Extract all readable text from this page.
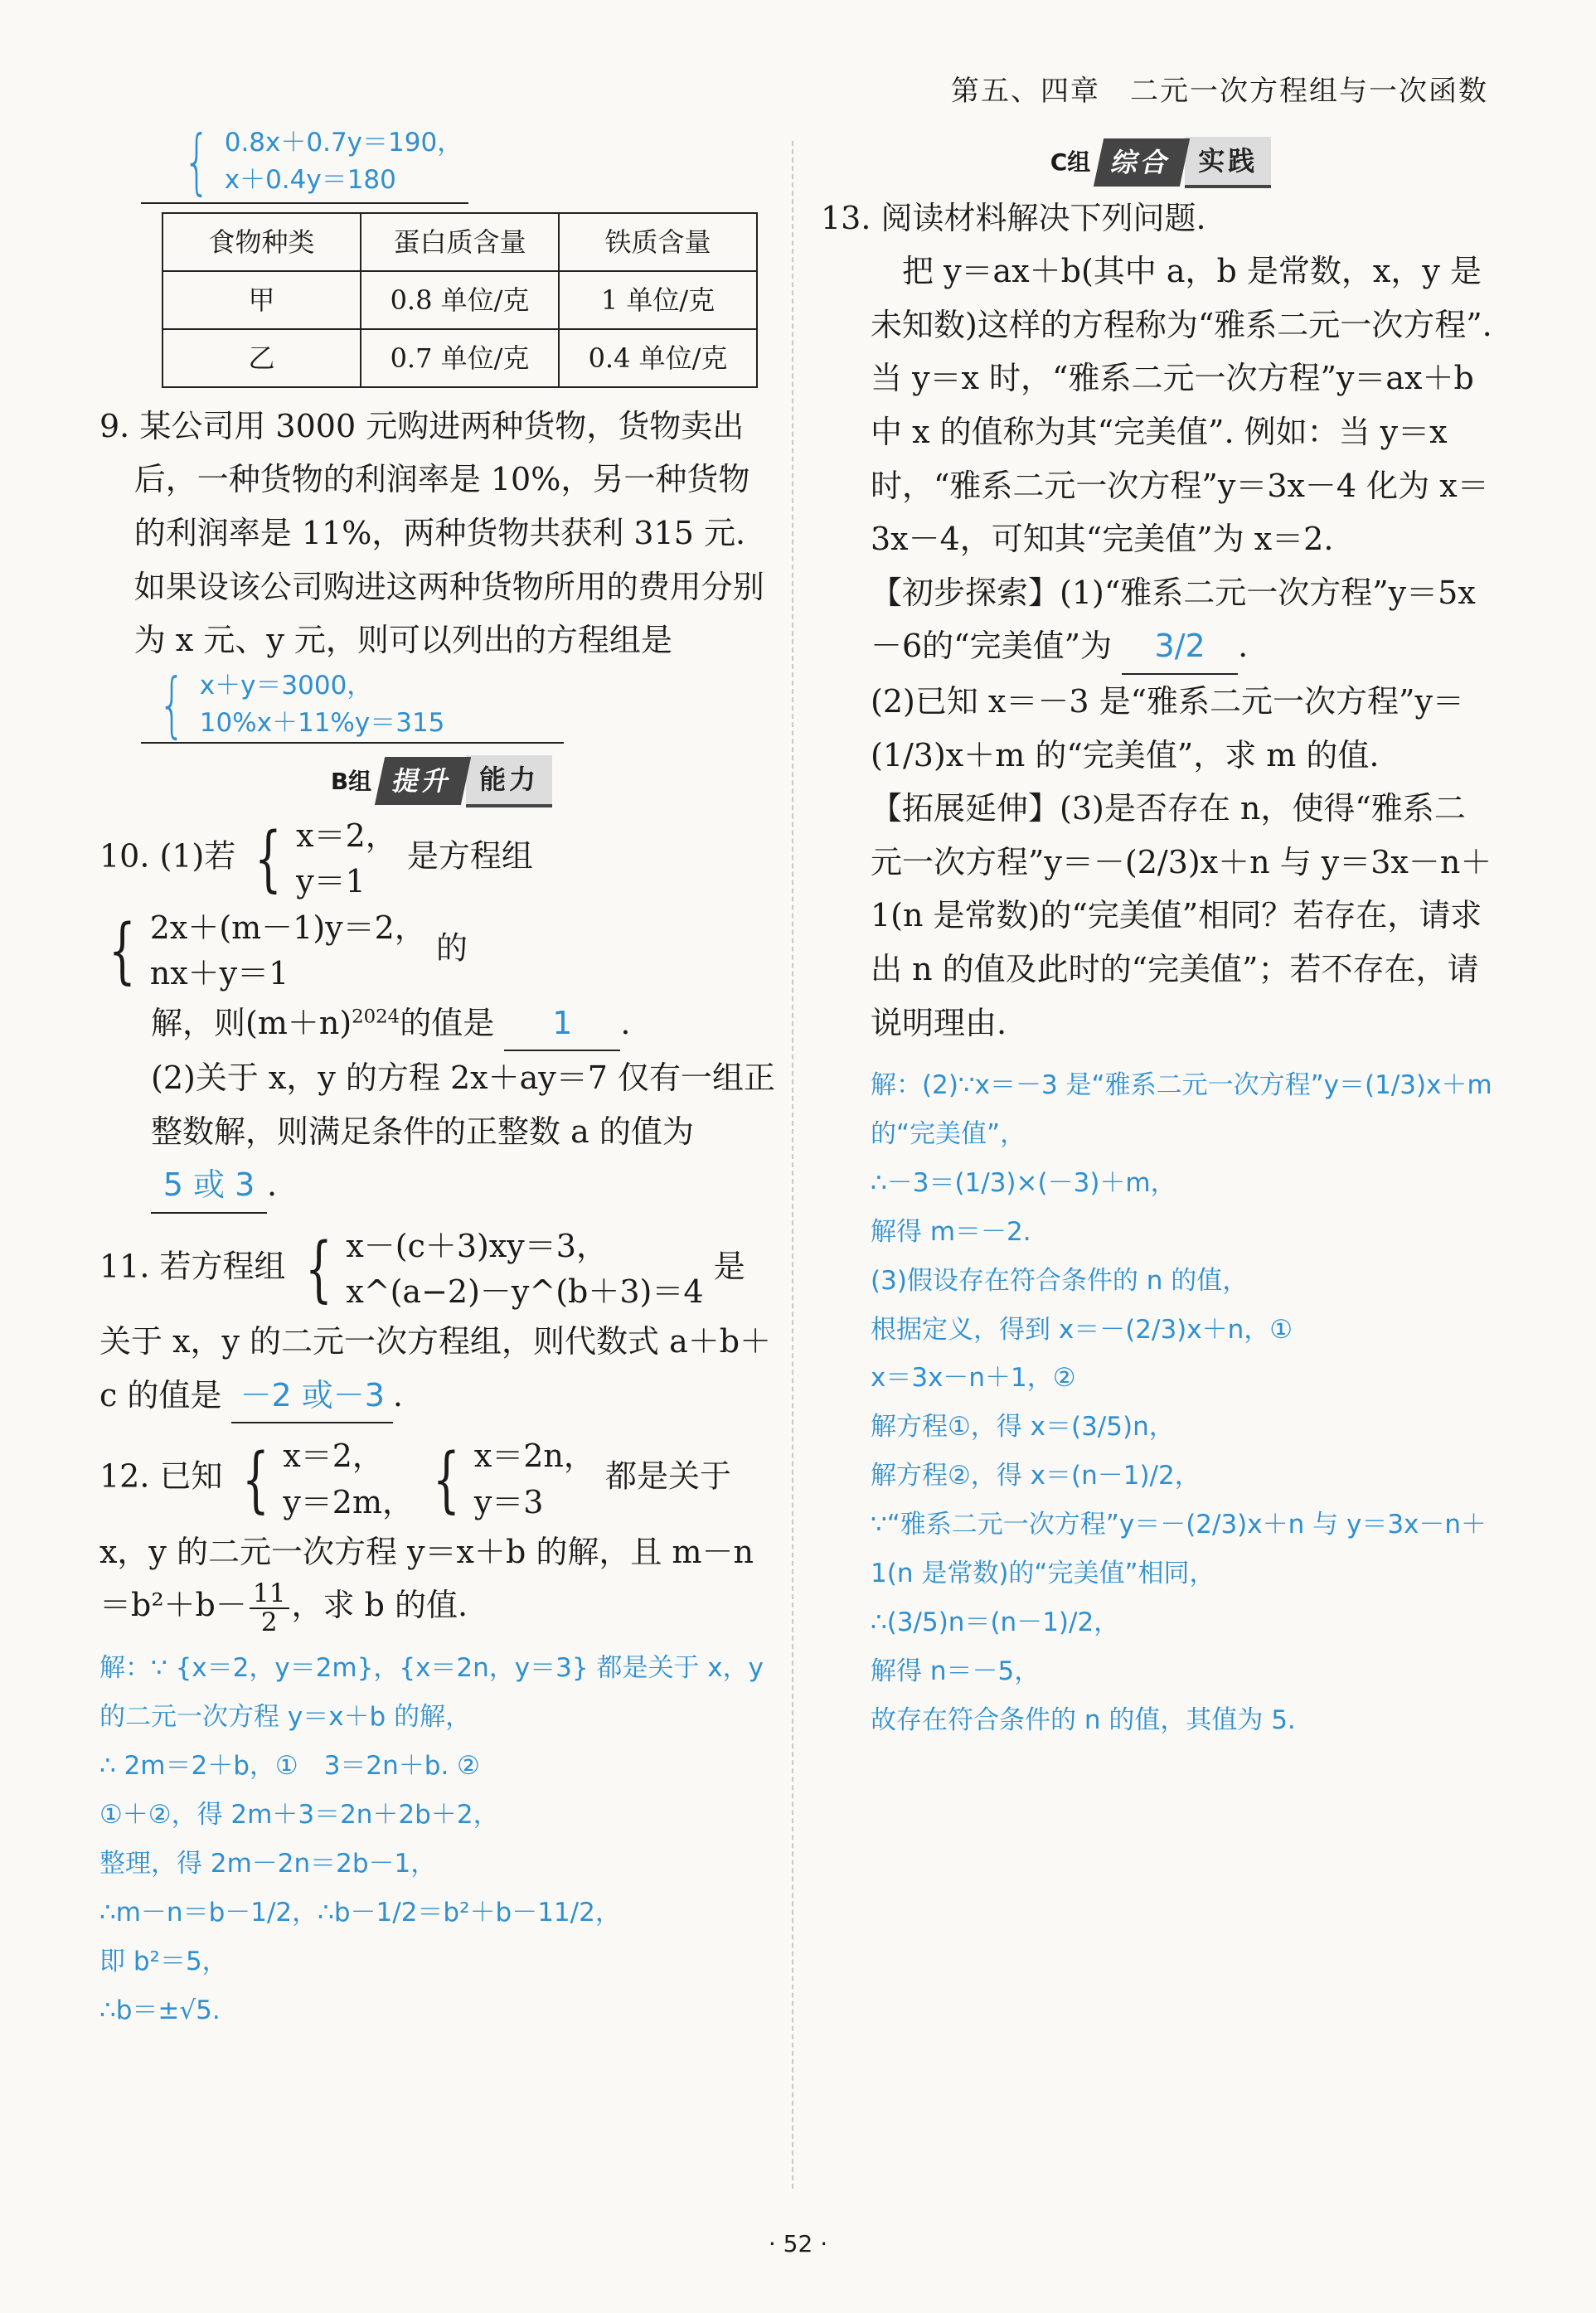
第五、四章　二元一次方程组与一次函数
{ 0.8x＋0.7y＝190，
x＋0.4y＝180
食物种类	蛋白质含量	铁质含量
甲	0.8 单位/克	1 单位/克
乙	0.7 单位/克	0.4 单位/克

9. 某公司用 3000 元购进两种货物，货物卖出后，一种货物的利润率是 10%，另一种货物的利润率是 11%，两种货物共获利 315 元. 如果设该公司购进这两种货物所用的费用分别为 x 元、y 元，则可以列出的方程组是

{ x＋y＝3000，
10%x＋11%y＝315
B组 提升 能力

10. (1)若 { x＝2，
y＝1
是方程组
{ 2x＋(m－1)y＝2，
nx＋y＝1
的

解，则$(m+n)^{2024}$的值是 1 .

(2)关于 x，y 的方程 2x＋ay＝7 仅有一组正整数解，则满足条件的正整数 a 的值为 5 或 3 .

11. 若方程组 { x－(c＋3)xy＝3，
x^(a−2)－y^(b＋3)＝4
是关于 x，y 的二元一次方程组，则代数式 a＋b＋c 的值是 －2 或－3 .

12. 已知 { x＝2，
y＝2m，
{ x＝2n，
y＝3
都是关于 x，y 的二元一次方程 y＝x＋b 的解，且 $m-n=b^2+b- \frac{11}{2}$ ，求 b 的值.

解：∵ {x＝2，y＝2m}，{x＝2n，y＝3} 都是关于 x，y 的二元一次方程 y＝x＋b 的解，

∴ 2m＝2＋b，①　3＝2n＋b. ②

①＋②，得 2m＋3＝2n＋2b＋2，

整理，得 2m－2n＝2b－1，

∴m－n＝b－1/2，∴b－1/2＝b²＋b－11/2，

即 b²＝5，

∴b＝±√5.

C组 综合 实践

13. 阅读材料解决下列问题.

把 y＝ax＋b(其中 a，b 是常数，x，y 是未知数)这样的方程称为“雅系二元一次方程”. 当 y＝x 时，“雅系二元一次方程”y＝ax＋b 中 x 的值称为其“完美值”. 例如：当 y＝x 时，“雅系二元一次方程”y＝3x－4 化为 x＝3x－4，可知其“完美值”为 x＝2.

【初步探索】(1)“雅系二元一次方程”y＝5x－6的“完美值”为 3/2 .

(2)已知 x＝－3 是“雅系二元一次方程”y＝(1/3)x＋m 的“完美值”，求 m 的值.

【拓展延伸】(3)是否存在 n，使得“雅系二元一次方程”y＝－(2/3)x＋n 与 y＝3x－n＋1(n 是常数)的“完美值”相同？若存在，请求出 n 的值及此时的“完美值”；若不存在，请说明理由.

解：(2)∵x＝－3 是“雅系二元一次方程”y＝(1/3)x＋m 的“完美值”，

∴－3＝(1/3)×(－3)＋m，

解得 m＝－2.

(3)假设存在符合条件的 n 的值，

根据定义，得到 x＝－(2/3)x＋n，①

x＝3x－n＋1，②

解方程①，得 x＝(3/5)n，

解方程②，得 x＝(n－1)/2，

∵“雅系二元一次方程”y＝－(2/3)x＋n 与 y＝3x－n＋1(n 是常数)的“完美值”相同，

∴(3/5)n＝(n－1)/2，

解得 n＝－5，

故存在符合条件的 n 的值，其值为 5.

· 52 ·
